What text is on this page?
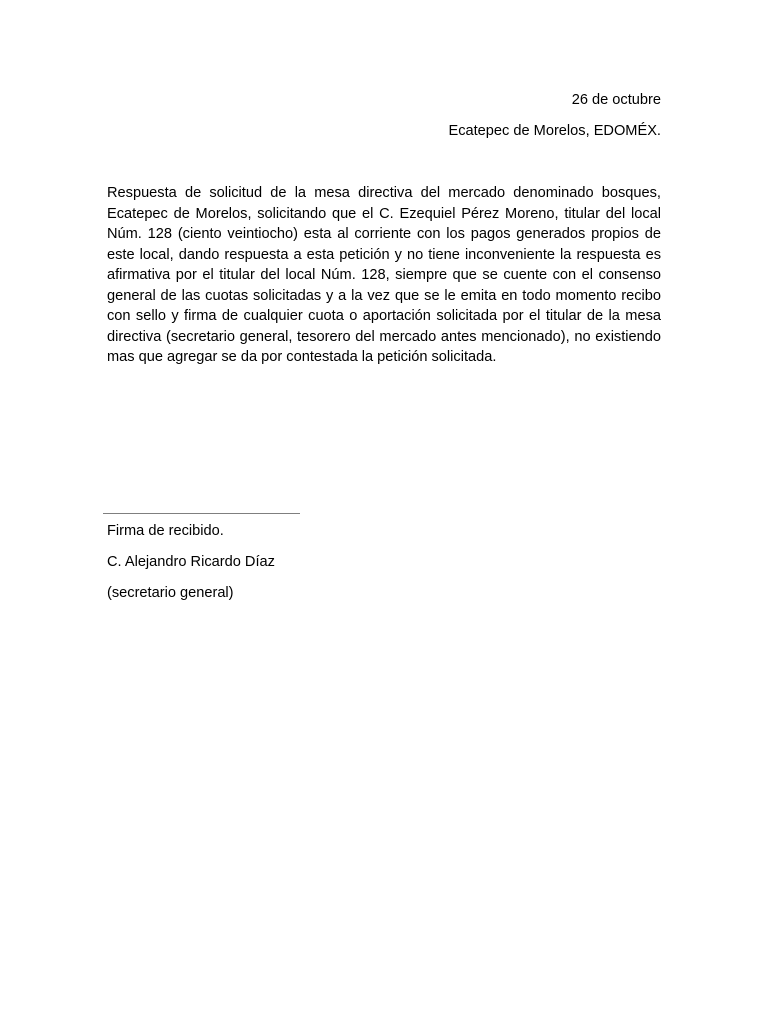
26 de octubre
Ecatepec de Morelos, EDOMÉX.

Respuesta de solicitud de la mesa directiva del mercado denominado bosques, Ecatepec de Morelos, solicitando que el C. Ezequiel Pérez Moreno, titular del local Núm. 128 (ciento veintiocho) esta al corriente con los pagos generados propios de este local, dando respuesta a esta petición y no tiene inconveniente la respuesta es afirmativa por el titular del local Núm. 128, siempre que se cuente con el consenso general de las cuotas solicitadas y a la vez que se le emita en todo momento recibo con sello y firma de cualquier cuota o aportación solicitada por el titular de la mesa directiva (secretario general, tesorero del mercado antes mencionado), no existiendo mas que agregar se da por contestada la petición solicitada.

Firma de recibido.
C. Alejandro Ricardo Díaz
(secretario general)
